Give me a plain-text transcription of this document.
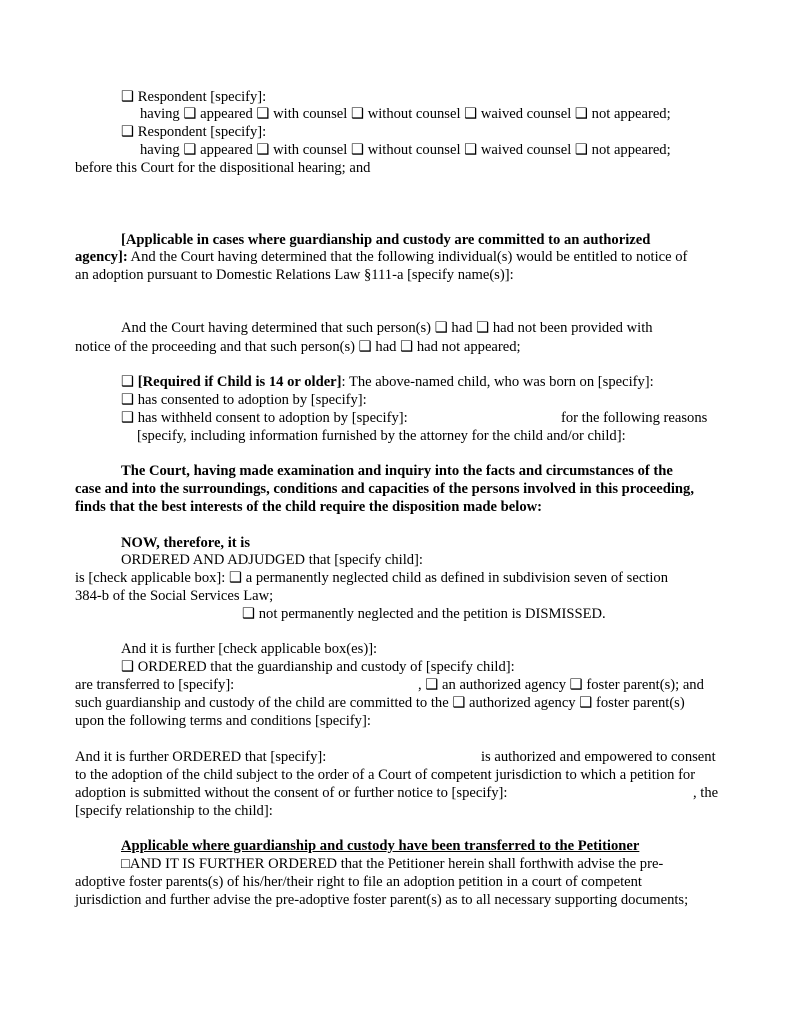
❑ Respondent [specify]:
having ❑ appeared ❑ with counsel ❑ without counsel ❑ waived counsel ❑ not appeared;
❑ Respondent [specify]:
having ❑ appeared ❑ with counsel ❑ without counsel ❑ waived counsel ❑ not appeared;
before this Court for the dispositional hearing; and
[Applicable in cases where guardianship and custody are committed to an authorized
agency]: And the Court having determined that the following individual(s) would be entitled to notice of
an adoption pursuant to Domestic Relations Law §111-a [specify name(s)]:
And the Court having determined that such person(s) ❑ had ❑ had not been provided with
notice of the proceeding and that such person(s) ❑ had ❑ had not appeared;
❑ [Required if Child is 14 or older]: The above-named child, who was born on [specify]:
❑ has consented to adoption by [specify]:
❑ has withheld consent to adoption by [specify]:	for the following reasons
[specify, including information furnished by the attorney for the child and/or child]:
The Court, having made examination and inquiry into the facts and circumstances of the
case and into the surroundings, conditions and capacities of the persons involved in this proceeding,
finds that the best interests of the child require the disposition made below:
NOW, therefore, it is
ORDERED AND ADJUDGED that [specify child]:
is [check applicable box]: ❑ a permanently neglected child as defined in subdivision seven of section
384-b of the Social Services Law;
❑ not permanently neglected and the petition is DISMISSED.
And it is further [check applicable box(es)]:
❑ ORDERED that the guardianship and custody of [specify child]:
are transferred to [specify]:	, ❑ an authorized agency ❑ foster parent(s); and
such guardianship and custody of the child are committed to the ❑ authorized agency ❑ foster parent(s)
upon the following terms and conditions [specify]:
And it is further ORDERED that [specify]:	is authorized and empowered to consent
to the adoption of the child subject to the order of a Court of competent jurisdiction to which a petition for
adoption is submitted without the consent of or further notice to [specify]:	, the
[specify relationship to the child]:
Applicable where guardianship and custody have been transferred to the Petitioner
□AND IT IS FURTHER ORDERED that the Petitioner herein shall forthwith advise the pre-
adoptive foster parents(s) of his/her/their right to file an adoption petition in a court of competent
jurisdiction and further advise the pre-adoptive foster parent(s) as to all necessary supporting documents;
